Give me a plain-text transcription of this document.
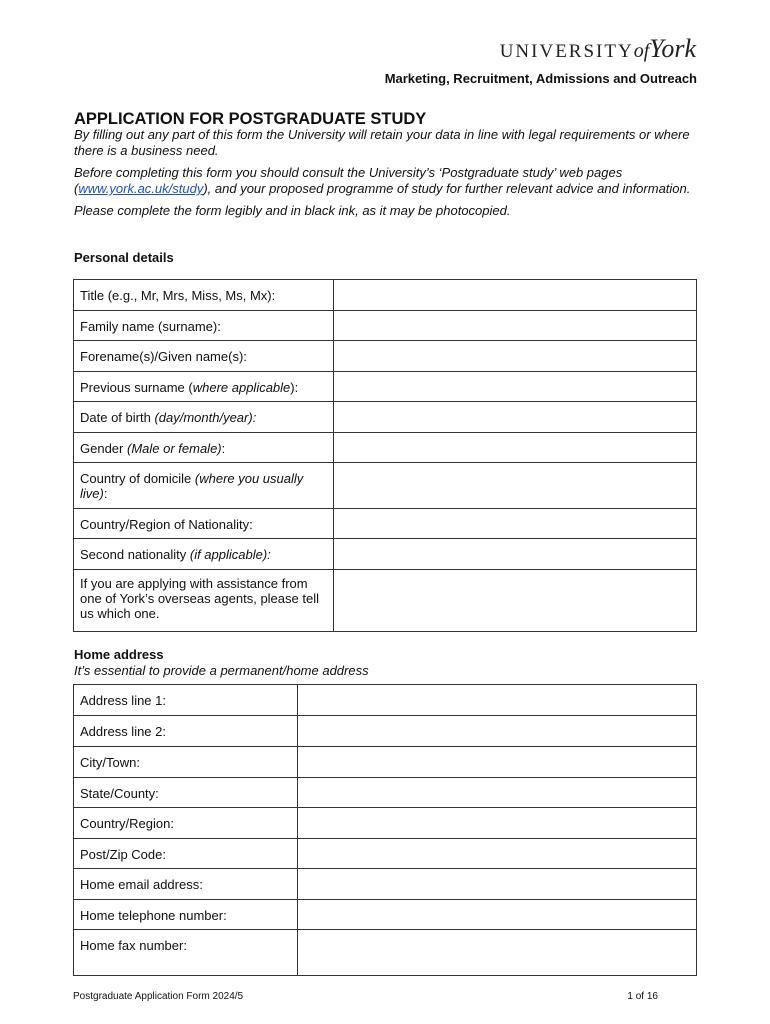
UNIVERSITYofYork
Marketing, Recruitment, Admissions and Outreach
APPLICATION FOR POSTGRADUATE STUDY

By filling out any part of this form the University will retain your data in line with legal requirements or where there is a business need.

Before completing this form you should consult the University’s ‘Postgraduate study’ web pages (www.york.ac.uk/study), and your proposed programme of study for further relevant advice and information.

Please complete the form legibly and in black ink, as it may be photocopied.

Personal details
Title (e.g., Mr, Mrs, Miss, Ms, Mx):	
Family name (surname):	
Forename(s)/Given name(s):	
Previous surname (where applicable):	
Date of birth (day/month/year):	
Gender (Male or female):	
Country of domicile (where you usually live):	
Country/Region of Nationality:	
Second nationality (if applicable):	
If you are applying with assistance from one of York’s overseas agents, please tell us which one.	
Home address
It’s essential to provide a permanent/home address
Address line 1:	
Address line 2:	
City/Town:	
State/County:	
Country/Region:	
Post/Zip Code:	
Home email address:	
Home telephone number:	
Home fax number:	
Postgraduate Application Form 2024/5	1 of 16
